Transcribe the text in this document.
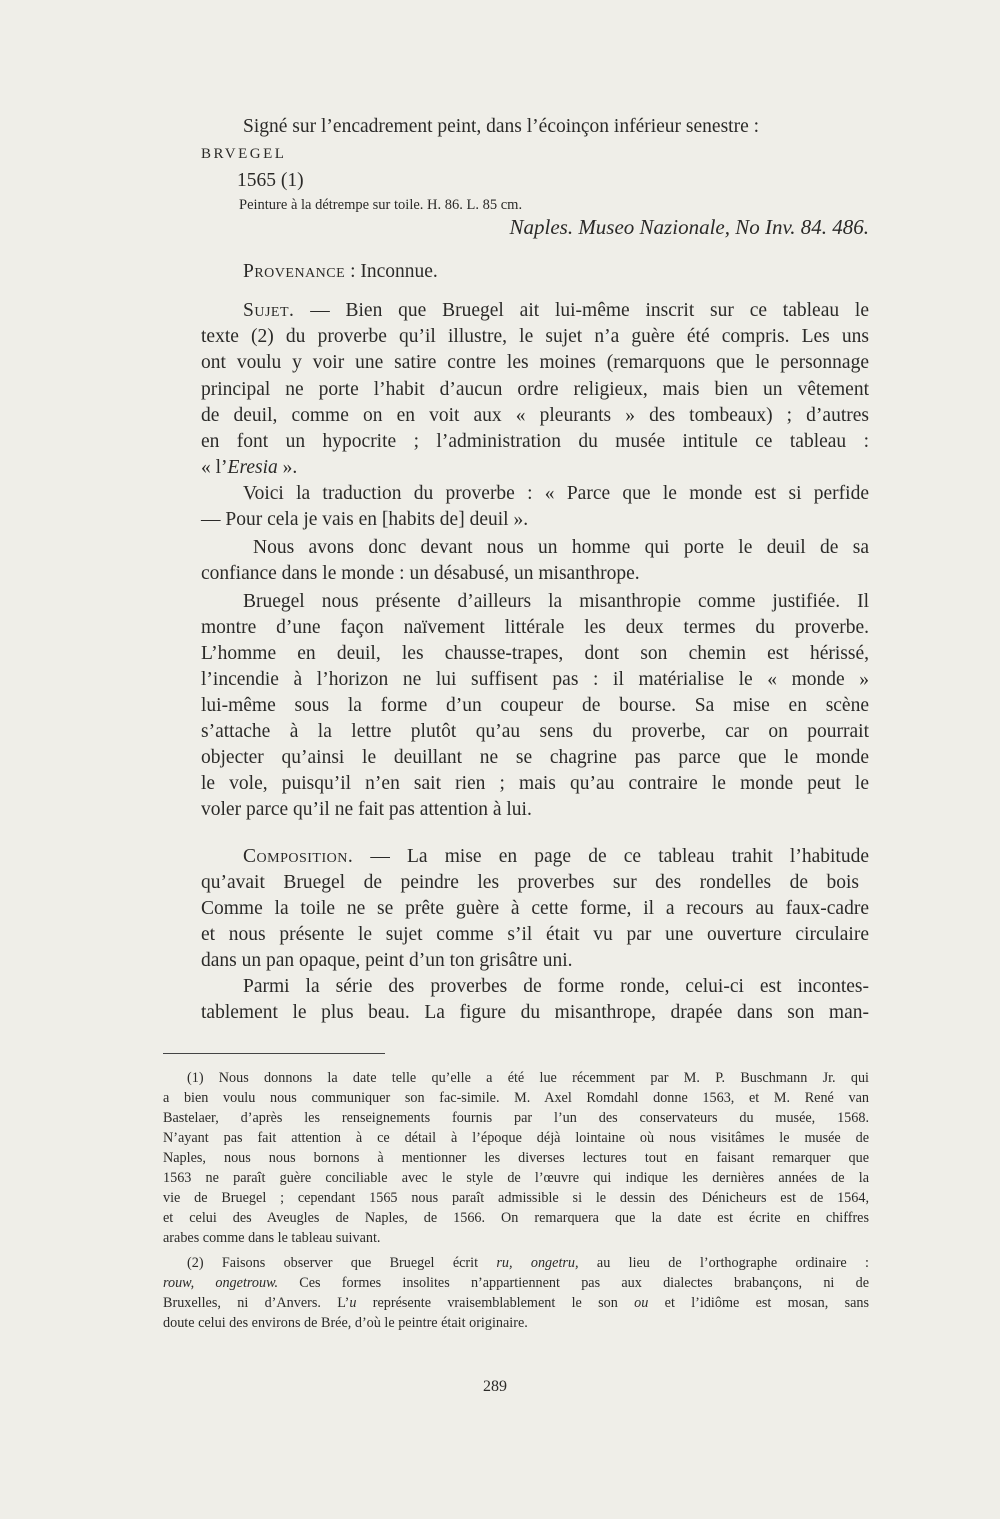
Signé sur l’encadrement peint, dans l’écoinçon inférieur senestre :
BRVEGEL
1565 (1)
Peinture à la détrempe sur toile. H. 86. L. 85 cm.
Naples. Museo Nazionale, No Inv. 84. 486.
Provenance : Inconnue.
Sujet. — Bien que Bruegel ait lui-même inscrit sur ce tableau le
texte (2) du proverbe qu’il illustre, le sujet n’a guère été compris. Les uns
ont voulu y voir une satire contre les moines (remarquons que le personnage
principal ne porte l’habit d’aucun ordre religieux, mais bien un vêtement
de deuil, comme on en voit aux « pleurants » des tombeaux) ; d’autres
en font un hypocrite ; l’administration du musée intitule ce tableau :
« l’Eresia ».
Voici la traduction du proverbe : « Parce que le monde est si perfide
— Pour cela je vais en [habits de] deuil ».
Nous avons donc devant nous un homme qui porte le deuil de sa
confiance dans le monde : un désabusé, un misanthrope.
Bruegel nous présente d’ailleurs la misanthropie comme justifiée. Il
montre d’une façon naïvement littérale les deux termes du proverbe.
L’homme en deuil, les chausse-trapes, dont son chemin est hérissé,
l’incendie à l’horizon ne lui suffisent pas : il matérialise le « monde »
lui-même sous la forme d’un coupeur de bourse. Sa mise en scène
s’attache à la lettre plutôt qu’au sens du proverbe, car on pourrait
objecter qu’ainsi le deuillant ne se chagrine pas parce que le monde
le vole, puisqu’il n’en sait rien ; mais qu’au contraire le monde peut le
voler parce qu’il ne fait pas attention à lui.
Composition. — La mise en page de ce tableau trahit l’habitude
qu’avait Bruegel de peindre les proverbes sur des rondelles de bois
Comme la toile ne se prête guère à cette forme, il a recours au faux-cadre
et nous présente le sujet comme s’il était vu par une ouverture circulaire
dans un pan opaque, peint d’un ton grisâtre uni.
Parmi la série des proverbes de forme ronde, celui-ci est incontes-
tablement le plus beau. La figure du misanthrope, drapée dans son man-
(1) Nous donnons la date telle qu’elle a été lue récemment par M. P. Buschmann Jr. qui
a bien voulu nous communiquer son fac-simile. M. Axel Romdahl donne 1563, et M. René van
Bastelaer, d’après les renseignements fournis par l’un des conservateurs du musée, 1568.
N’ayant pas fait attention à ce détail à l’époque déjà lointaine où nous visitâmes le musée de
Naples, nous nous bornons à mentionner les diverses lectures tout en faisant remarquer que
1563 ne paraît guère conciliable avec le style de l’œuvre qui indique les dernières années de la
vie de Bruegel ; cependant 1565 nous paraît admissible si le dessin des Dénicheurs est de 1564,
et celui des Aveugles de Naples, de 1566. On remarquera que la date est écrite en chiffres
arabes comme dans le tableau suivant.
(2) Faisons observer que Bruegel écrit ru, ongetru, au lieu de l’orthographe ordinaire :
rouw, ongetrouw. Ces formes insolites n’appartiennent pas aux dialectes brabançons, ni de
Bruxelles, ni d’Anvers. L’u représente vraisemblablement le son ou et l’idiôme est mosan, sans
doute celui des environs de Brée, d’où le peintre était originaire.
289
